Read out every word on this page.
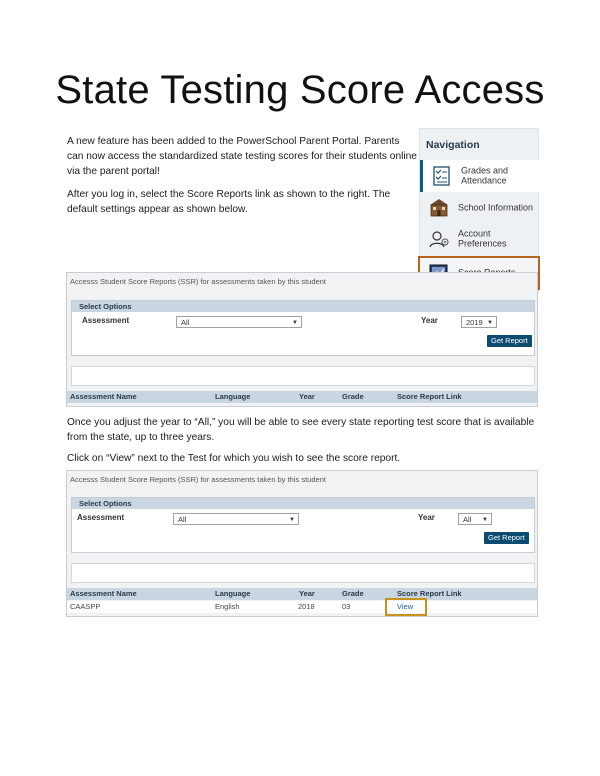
State Testing Score Access

A new feature has been added to the PowerSchool Parent Portal. Parents can now access the standardized state testing scores for their students online via the parent portal!

After you log in, select the Score Reports link as shown to the right. The default settings appear as shown below.

Navigation
Grades and Attendance
School Information
Account Preferences
Accesss Student Score Reports (SSR) for assessments taken by this student
Select Options
Assessment	All	▼	Year	2019 ▼
Get Report
Assessment Name	Language	Year	Grade	Score Report Link

Once you adjust the year to “All,” you will be able to see every state reporting test score that is available from the state, up to three years.

Click on “View” next to the Test for which you wish to see the score report.

Accesss Student Score Reports (SSR) for assessments taken by this student
Select Options
Assessment	All	▼	Year	All ▼
Get Report
Assessment Name	Language	Year	Grade	Score Report Link
CAASPP	English	2018	03	View
